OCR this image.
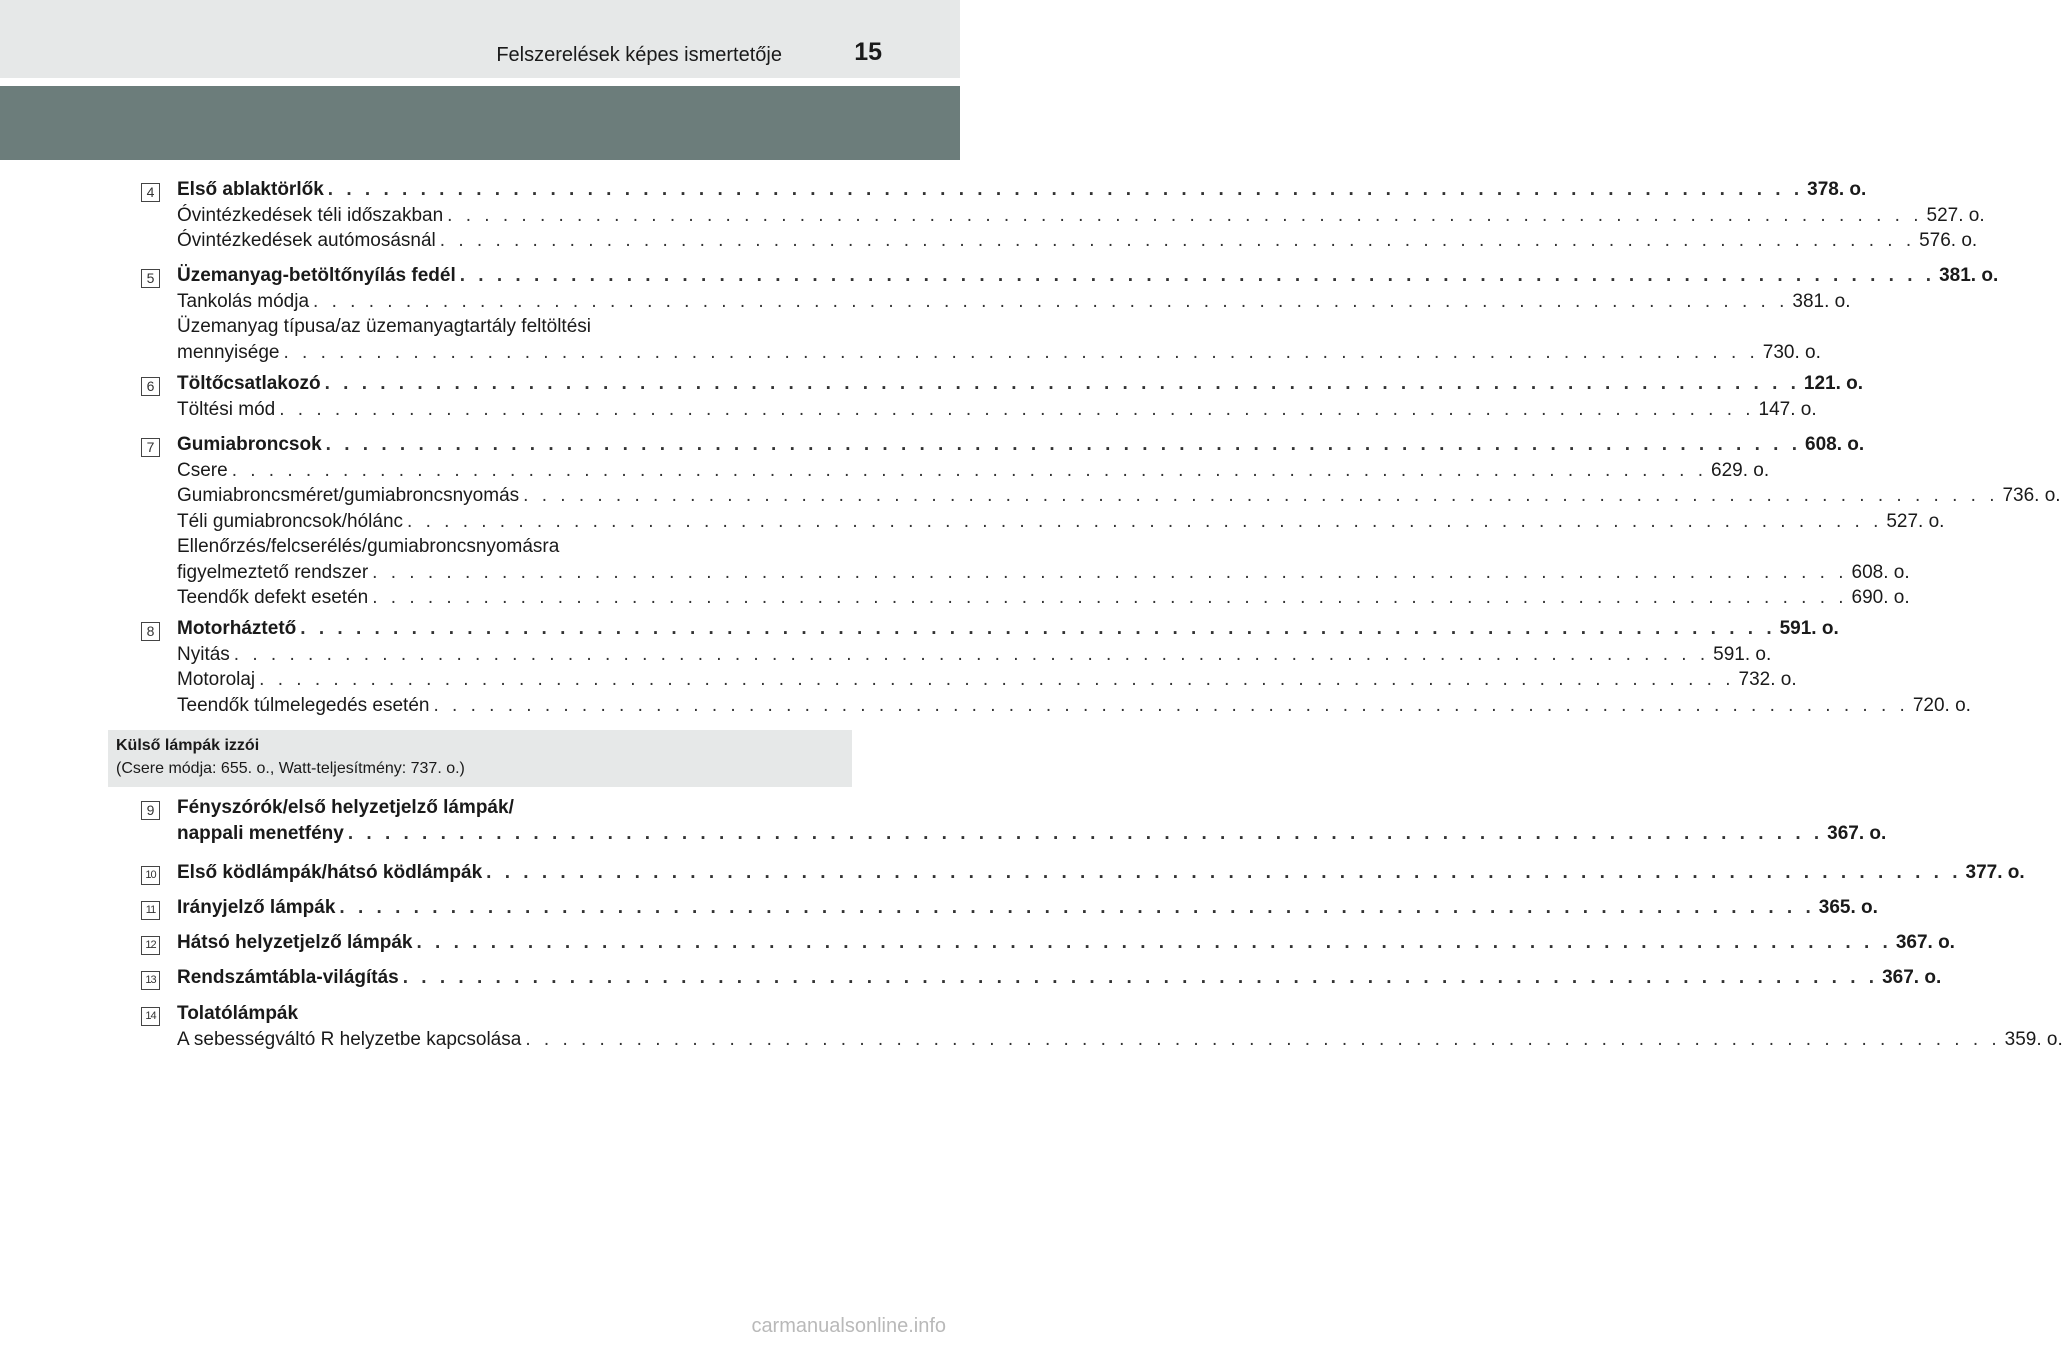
Felszerelések képes ismertetője	15
4 Első ablaktörlők . . . . . . . . . . . . . . . . . . . . . . . . . . . . . . . . . . . . . . . . . . . . . . . . . . . . . . . . . . . . . . . . . . . . . . . . . . . . . . . . 378. o.
Óvintézkedések téli időszakban . . . . . . . . . . . . . . . . . . . . . . . . . . . . . . . . . . . . . . . . . . . . . . . . . . . . . . . . . . . . . . . . . . . . . . . . . . . . . . . . 527. o.
Óvintézkedések autómosásnál . . . . . . . . . . . . . . . . . . . . . . . . . . . . . . . . . . . . . . . . . . . . . . . . . . . . . . . . . . . . . . . . . . . . . . . . . . . . . . . . 576. o.
5 Üzemanyag-betöltőnyílás fedél . . . . . . . . . . . . . . . . . . . . . . . . . . . . . . . . . . . . . . . . . . . . . . . . . . . . . . . . . . . . . . . . . . . . . . . . . . . . . . . . 381. o.
Tankolás módja . . . . . . . . . . . . . . . . . . . . . . . . . . . . . . . . . . . . . . . . . . . . . . . . . . . . . . . . . . . . . . . . . . . . . . . . . . . . . . . . 381. o.
Üzemanyag típusa/az üzemanyagtartály feltöltési
mennyisége . . . . . . . . . . . . . . . . . . . . . . . . . . . . . . . . . . . . . . . . . . . . . . . . . . . . . . . . . . . . . . . . . . . . . . . . . . . . . . . . 730. o.
6 Töltőcsatlakozó . . . . . . . . . . . . . . . . . . . . . . . . . . . . . . . . . . . . . . . . . . . . . . . . . . . . . . . . . . . . . . . . . . . . . . . . . . . . . . . . 121. o.
Töltési mód . . . . . . . . . . . . . . . . . . . . . . . . . . . . . . . . . . . . . . . . . . . . . . . . . . . . . . . . . . . . . . . . . . . . . . . . . . . . . . . . 147. o.
7 Gumiabroncsok . . . . . . . . . . . . . . . . . . . . . . . . . . . . . . . . . . . . . . . . . . . . . . . . . . . . . . . . . . . . . . . . . . . . . . . . . . . . . . . . 608. o.
Csere . . . . . . . . . . . . . . . . . . . . . . . . . . . . . . . . . . . . . . . . . . . . . . . . . . . . . . . . . . . . . . . . . . . . . . . . . . . . . . . . 629. o.
Gumiabroncsméret/gumiabroncsnyomás . . . . . . . . . . . . . . . . . . . . . . . . . . . . . . . . . . . . . . . . . . . . . . . . . . . . . . . . . . . . . . . . . . . . . . . . . . . . . . . . 736. o.
Téli gumiabroncsok/hólánc . . . . . . . . . . . . . . . . . . . . . . . . . . . . . . . . . . . . . . . . . . . . . . . . . . . . . . . . . . . . . . . . . . . . . . . . . . . . . . . . 527. o.
Ellenőrzés/felcserélés/gumiabroncsnyomásra
figyelmeztető rendszer . . . . . . . . . . . . . . . . . . . . . . . . . . . . . . . . . . . . . . . . . . . . . . . . . . . . . . . . . . . . . . . . . . . . . . . . . . . . . . . . 608. o.
Teendők defekt esetén . . . . . . . . . . . . . . . . . . . . . . . . . . . . . . . . . . . . . . . . . . . . . . . . . . . . . . . . . . . . . . . . . . . . . . . . . . . . . . . . 690. o.
8 Motorháztető . . . . . . . . . . . . . . . . . . . . . . . . . . . . . . . . . . . . . . . . . . . . . . . . . . . . . . . . . . . . . . . . . . . . . . . . . . . . . . . . 591. o.
Nyitás . . . . . . . . . . . . . . . . . . . . . . . . . . . . . . . . . . . . . . . . . . . . . . . . . . . . . . . . . . . . . . . . . . . . . . . . . . . . . . . . 591. o.
Motorolaj . . . . . . . . . . . . . . . . . . . . . . . . . . . . . . . . . . . . . . . . . . . . . . . . . . . . . . . . . . . . . . . . . . . . . . . . . . . . . . . . 732. o.
Teendők túlmelegedés esetén . . . . . . . . . . . . . . . . . . . . . . . . . . . . . . . . . . . . . . . . . . . . . . . . . . . . . . . . . . . . . . . . . . . . . . . . . . . . . . . . 720. o.
9 Fényszórók/első helyzetjelző lámpák/
nappali menetfény . . . . . . . . . . . . . . . . . . . . . . . . . . . . . . . . . . . . . . . . . . . . . . . . . . . . . . . . . . . . . . . . . . . . . . . . . . . . . . . . 367. o.
10 Első ködlámpák/hátsó ködlámpák . . . . . . . . . . . . . . . . . . . . . . . . . . . . . . . . . . . . . . . . . . . . . . . . . . . . . . . . . . . . . . . . . . . . . . . . . . . . . . . . 377. o.
11 Irányjelző lámpák . . . . . . . . . . . . . . . . . . . . . . . . . . . . . . . . . . . . . . . . . . . . . . . . . . . . . . . . . . . . . . . . . . . . . . . . . . . . . . . . 365. o.
12 Hátsó helyzetjelző lámpák . . . . . . . . . . . . . . . . . . . . . . . . . . . . . . . . . . . . . . . . . . . . . . . . . . . . . . . . . . . . . . . . . . . . . . . . . . . . . . . . 367. o.
13 Rendszámtábla-világítás . . . . . . . . . . . . . . . . . . . . . . . . . . . . . . . . . . . . . . . . . . . . . . . . . . . . . . . . . . . . . . . . . . . . . . . . . . . . . . . . 367. o.
14 Tolatólámpák
A sebességváltó R helyzetbe kapcsolása . . . . . . . . . . . . . . . . . . . . . . . . . . . . . . . . . . . . . . . . . . . . . . . . . . . . . . . . . . . . . . . . . . . . . . . . . . . . . . . . 359. o.
Külső lámpák izzói
(Csere módja: 655. o., Watt-teljesítmény: 737. o.)
carmanualsonline.info
